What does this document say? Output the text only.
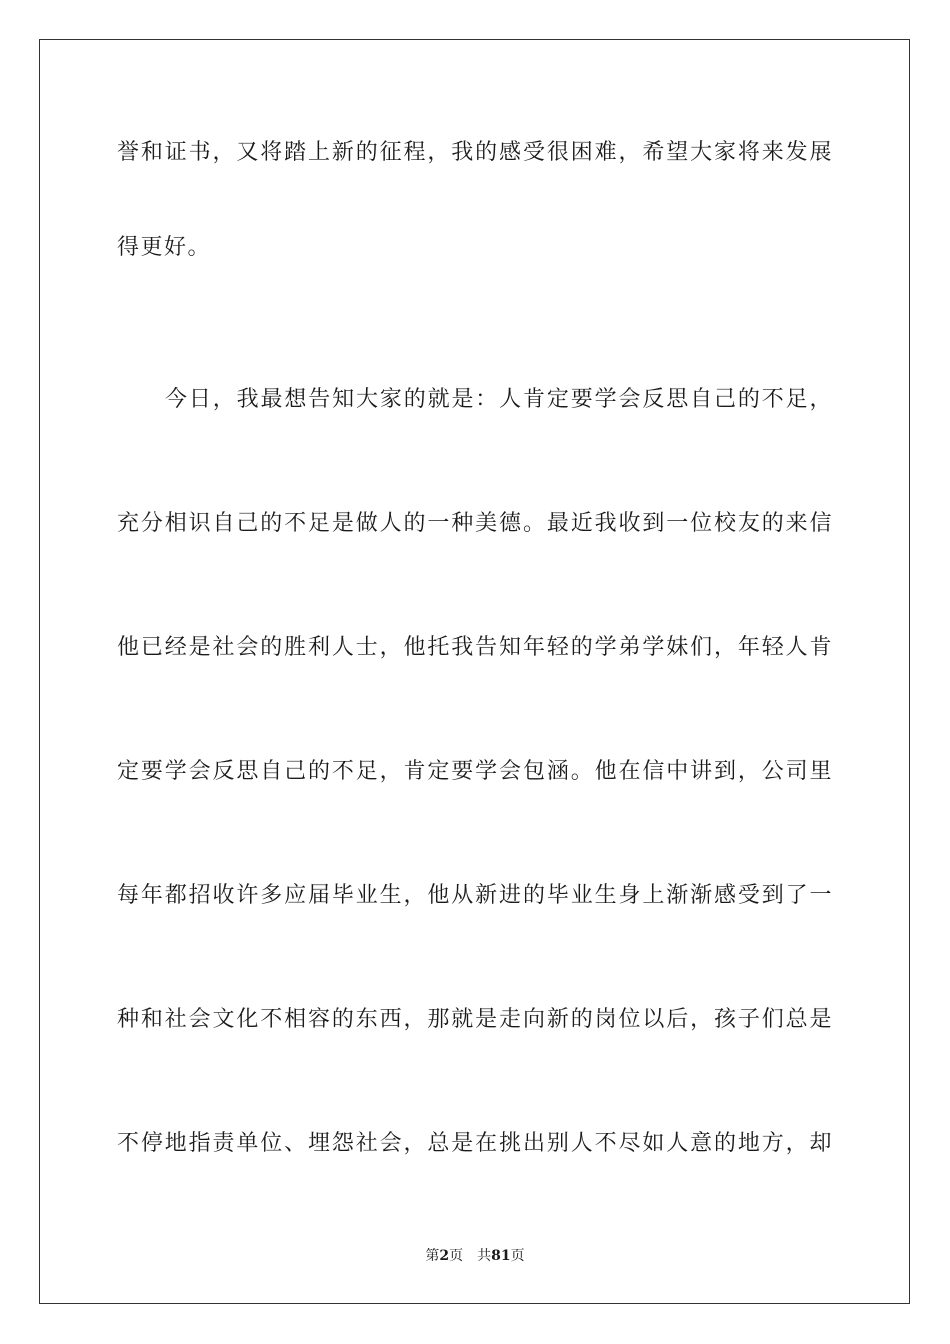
誉和证书，又将踏上新的征程，我的感受很困难，希望大家将来发展
得更好。
今日，我最想告知大家的就是：人肯定要学会反思自己的不足，
充分相识自己的不足是做人的一种美德。最近我收到一位校友的来信
他已经是社会的胜利人士，他托我告知年轻的学弟学妹们，年轻人肯
定要学会反思自己的不足，肯定要学会包涵。他在信中讲到，公司里
每年都招收许多应届毕业生，他从新进的毕业生身上渐渐感受到了一
种和社会文化不相容的东西，那就是走向新的岗位以后，孩子们总是
不停地指责单位、埋怨社会，总是在挑出别人不尽如人意的地方，却
第2页 共81页
